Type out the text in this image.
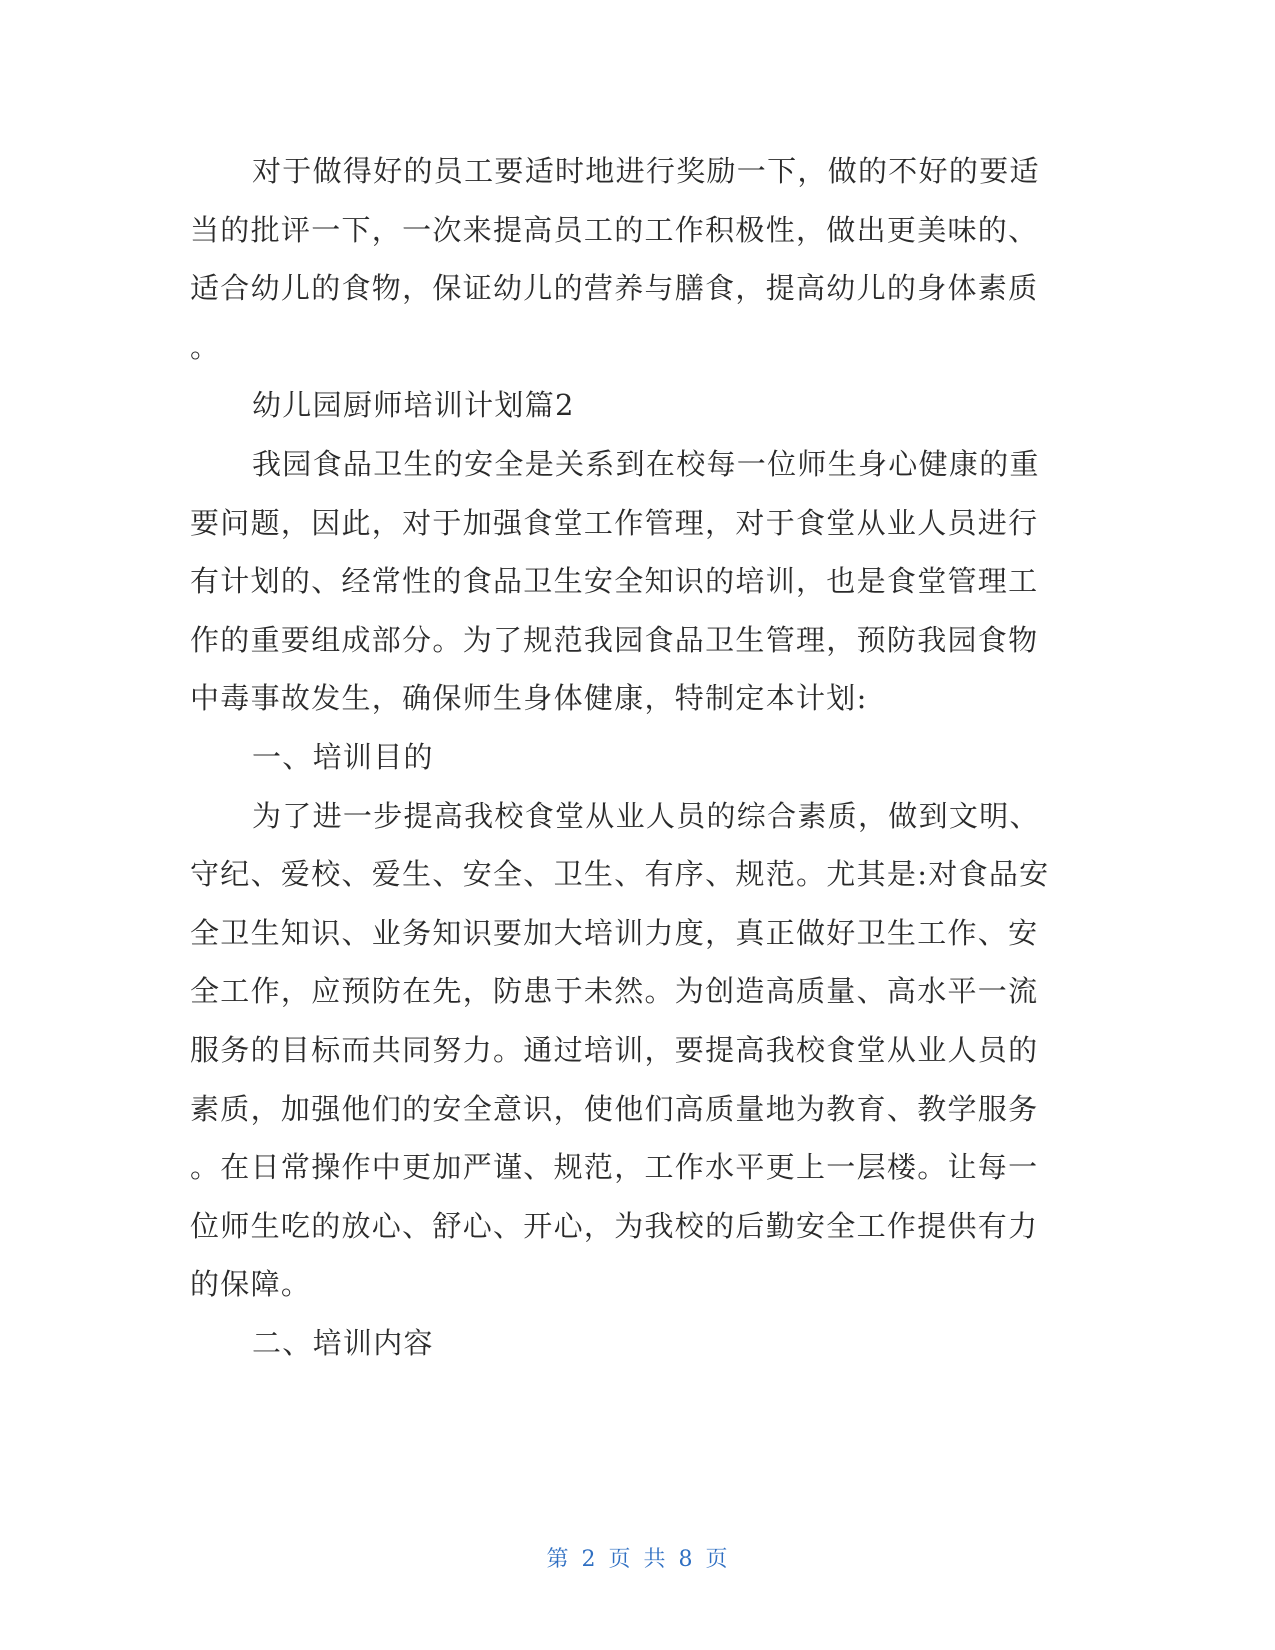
对于做得好的员工要适时地进行奖励一下，做的不好的要适
当的批评一下，一次来提高员工的工作积极性，做出更美味的、
适合幼儿的食物，保证幼儿的营养与膳食，提高幼儿的身体素质
。
幼儿园厨师培训计划篇2
我园食品卫生的安全是关系到在校每一位师生身心健康的重
要问题，因此，对于加强食堂工作管理，对于食堂从业人员进行
有计划的、经常性的食品卫生安全知识的培训，也是食堂管理工
作的重要组成部分。为了规范我园食品卫生管理，预防我园食物
中毒事故发生，确保师生身体健康，特制定本计划:
一、培训目的
为了进一步提高我校食堂从业人员的综合素质，做到文明、
守纪、爱校、爱生、安全、卫生、有序、规范。尤其是:对食品安
全卫生知识、业务知识要加大培训力度，真正做好卫生工作、安
全工作，应预防在先，防患于未然。为创造高质量、高水平一流
服务的目标而共同努力。通过培训，要提高我校食堂从业人员的
素质，加强他们的安全意识，使他们高质量地为教育、教学服务
。在日常操作中更加严谨、规范，工作水平更上一层楼。让每一
位师生吃的放心、舒心、开心，为我校的后勤安全工作提供有力
的保障。
二、培训内容
第 2 页 共 8 页
